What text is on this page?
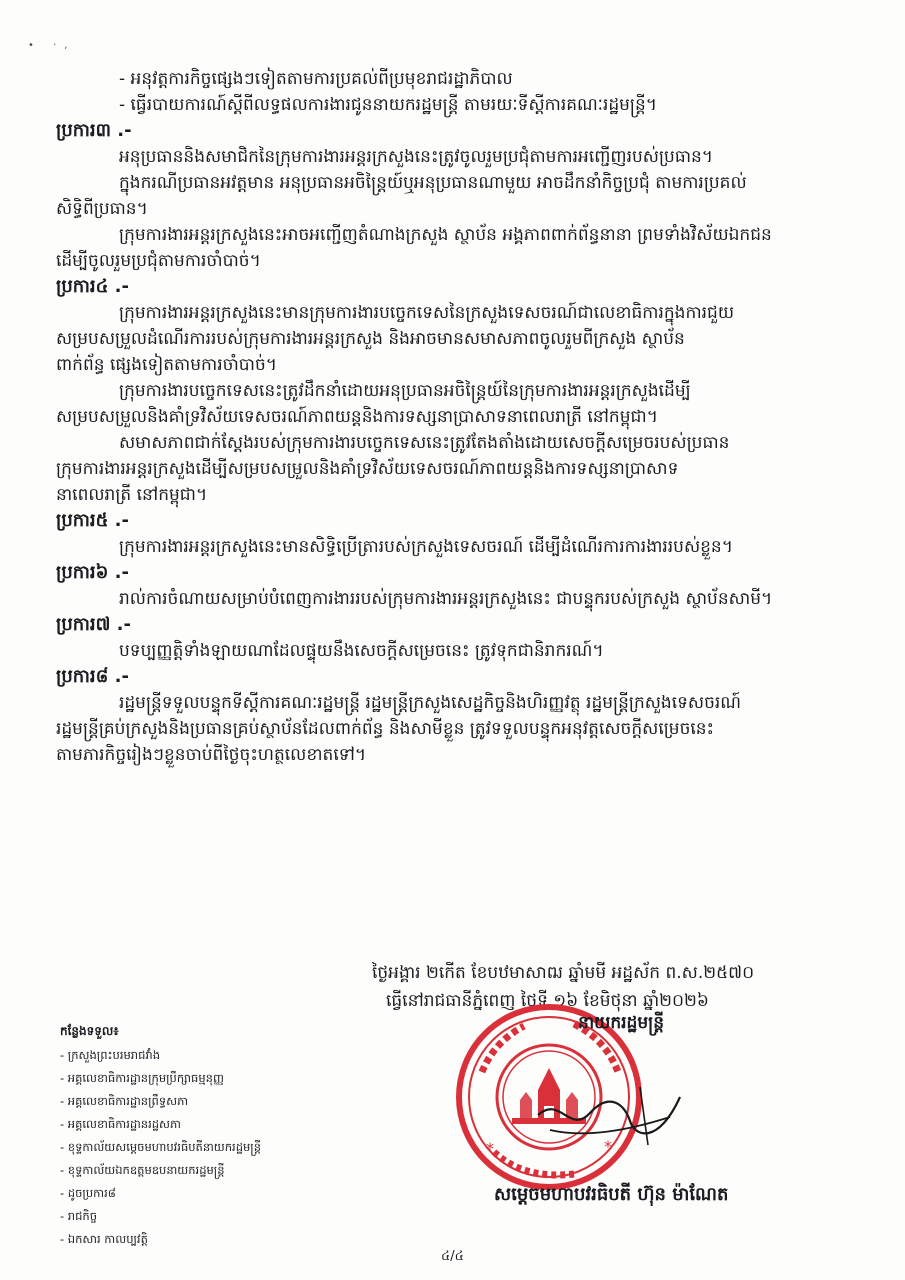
• ·,
- អនុវត្តការកិច្ចផ្សេងៗទៀតតាមការប្រគល់ពីប្រមុខរាជរដ្ឋាភិបាល
- ធ្វើរបាយការណ៍ស្ដីពីលទ្ធផលការងារជូននាយករដ្ឋមន្ត្រី តាមរយៈទីស្ដីការគណៈរដ្ឋមន្ត្រី។
ប្រការ៣ .-
អនុប្រធាននិងសមាជិកនៃក្រុមការងារអន្តរក្រសួងនេះត្រូវចូលរួមប្រជុំតាមការអញ្ជើញរបស់ប្រធាន។
ក្នុងករណីប្រធានអវត្តមាន អនុប្រធានអចិន្ត្រៃយ៍ឬអនុប្រធានណាមួយ អាចដឹកនាំកិច្ចប្រជុំ តាមការប្រគល់
សិទ្ធិពីប្រធាន។
ក្រុមការងារអន្តរក្រសួងនេះអាចអញ្ជើញតំណាងក្រសួង ស្ថាប័ន អង្គភាពពាក់ព័ន្ធនានា ព្រមទាំងវិស័យឯកជន
ដើម្បីចូលរួមប្រជុំតាមការចាំបាច់។
ប្រការ៤ .-
ក្រុមការងារអន្តរក្រសួងនេះមានក្រុមការងារបច្ចេកទេសនៃក្រសួងទេសចរណ៍ជាលេខាធិការក្នុងការជួយ
សម្របសម្រួលដំណើរការរបស់ក្រុមការងារអន្តរក្រសួង និងអាចមានសមាសភាពចូលរួមពីក្រសួង ស្ថាប័ន
ពាក់ព័ន្ធ ផ្សេងទៀតតាមការចាំបាច់។
ក្រុមការងារបច្ចេកទេសនេះត្រូវដឹកនាំដោយអនុប្រធានអចិន្ត្រៃយ៍នៃក្រុមការងារអន្តរក្រសួងដើម្បី
សម្របសម្រួលនិងគាំទ្រវិស័យទេសចរណ៍ភាពយន្តនិងការទស្សនាប្រាសាទនាពេលរាត្រី នៅកម្ពុជា។
សមាសភាពជាក់ស្ដែងរបស់ក្រុមការងារបច្ចេកទេសនេះត្រូវតែងតាំងដោយសេចក្ដីសម្រេចរបស់ប្រធាន
ក្រុមការងារអន្តរក្រសួងដើម្បីសម្របសម្រួលនិងគាំទ្រវិស័យទេសចរណ៍ភាពយន្តនិងការទស្សនាប្រាសាទ
នាពេលរាត្រី នៅកម្ពុជា។
ប្រការ៥ .-
ក្រុមការងារអន្តរក្រសួងនេះមានសិទ្ធិប្រើត្រារបស់ក្រសួងទេសចរណ៍ ដើម្បីដំណើរការការងាររបស់ខ្លួន។
ប្រការ៦ .-
រាល់ការចំណាយសម្រាប់បំពេញការងាររបស់ក្រុមការងារអន្តរក្រសួងនេះ ជាបន្ទុករបស់ក្រសួង ស្ថាប័នសាមី។
ប្រការ៧ .-
បទប្បញ្ញត្តិទាំងឡាយណាដែលផ្ទុយនឹងសេចក្ដីសម្រេចនេះ ត្រូវទុកជានិរាករណ៍។
ប្រការ៨ .-
រដ្ឋមន្ត្រីទទួលបន្ទុកទីស្ដីការគណៈរដ្ឋមន្ត្រី រដ្ឋមន្ត្រីក្រសួងសេដ្ឋកិច្ចនិងហិរញ្ញវត្ថុ រដ្ឋមន្ត្រីក្រសួងទេសចរណ៍
រដ្ឋមន្ត្រីគ្រប់ក្រសួងនិងប្រធានគ្រប់ស្ថាប័នដែលពាក់ព័ន្ធ និងសាមីខ្លួន ត្រូវទទួលបន្ទុកអនុវត្តសេចក្ដីសម្រេចនេះ
តាមភារកិច្ចរៀងៗខ្លួនចាប់ពីថ្ងៃចុះហត្ថលេខាតទៅ។
ថ្ងៃអង្គារ ២កើត ខែបឋមាសាឍ ឆ្នាំមមី អដ្ឋស័ក ព.ស.២៥៧០
ធ្វើនៅរាជធានីភ្នំពេញ ថ្ងៃទី ១៦ ខែមិថុនា ឆ្នាំ២០២៦
*	*
នាយករដ្ឋមន្ត្រី
កន្លែងទទួល៖
- ក្រសួងព្រះបរមរាជវាំង
- អគ្គលេខាធិការដ្ឋានក្រុមប្រឹក្សាធម្មនុញ្ញ
- អគ្គលេខាធិការដ្ឋានព្រឹទ្ធសភា
- អគ្គលេខាធិការដ្ឋានរដ្ឋសភា
- ខុទ្ទកាល័យសម្ដេចមហាបវរធិបតីនាយករដ្ឋមន្ត្រី
- ខុទ្ទកាល័យឯកឧត្តមឧបនាយករដ្ឋមន្ត្រី
- ដូចប្រការ៨
- រាជកិច្ច
- ឯកសារ កាលប្បវត្តិ
សម្ដេចមហាបវរធិបតី ហ៊ុន ម៉ាណែត
៤/៤
